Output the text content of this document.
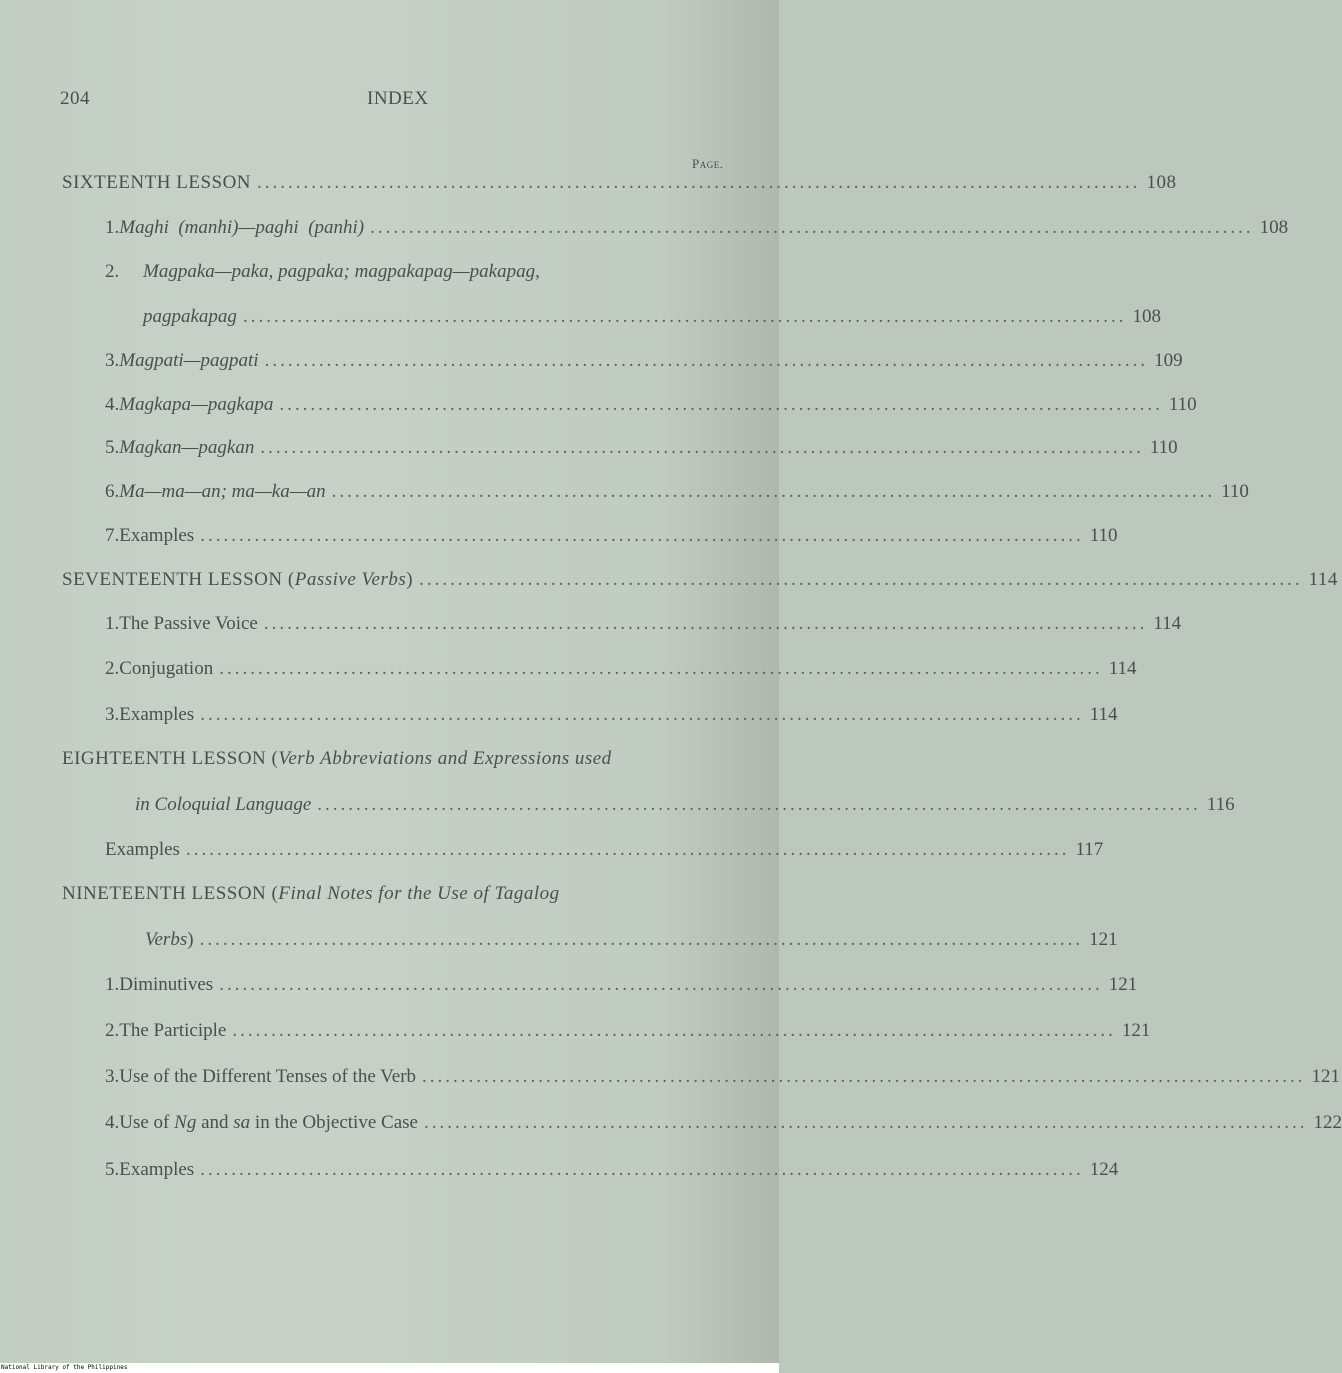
204	INDEX
Page.
SIXTEENTH LESSON .................................................................................................................. 108
1. Maghi
(manhi)—paghi
(panhi) .................................................................................................................. 108
2.	Magpaka—paka, pagpaka; magpakapag—pakapag,
pagpakapag .................................................................................................................. 108
3. Magpati—pagpati .................................................................................................................. 109
4. Magkapa—pagkapa .................................................................................................................. 110
5. Magkan—pagkan .................................................................................................................. 110
6. Ma—ma—an; ma—ka—an .................................................................................................................. 110
7. Examples .................................................................................................................. 110
SEVENTEENTH LESSON
( Passive Verbs ) .................................................................................................................. 114
1. The Passive Voice .................................................................................................................. 114
2. Conjugation .................................................................................................................. 114
3. Examples .................................................................................................................. 114
EIGHTEENTH LESSON
( Verb Abbreviations and Expressions used
in Coloquial Language .................................................................................................................. 116
Examples .................................................................................................................. 117
NINETEENTH LESSON
( Final Notes for the Use of Tagalog
Verbs ) .................................................................................................................. 121
1. Diminutives .................................................................................................................. 121
2. The Participle .................................................................................................................. 121
3. Use of the Different Tenses of the Verb .................................................................................................................. 121
4. Use of
Ng
and
sa
in the Objective Case .................................................................................................................. 122
5. Examples .................................................................................................................. 124
National Library of the Philippines
